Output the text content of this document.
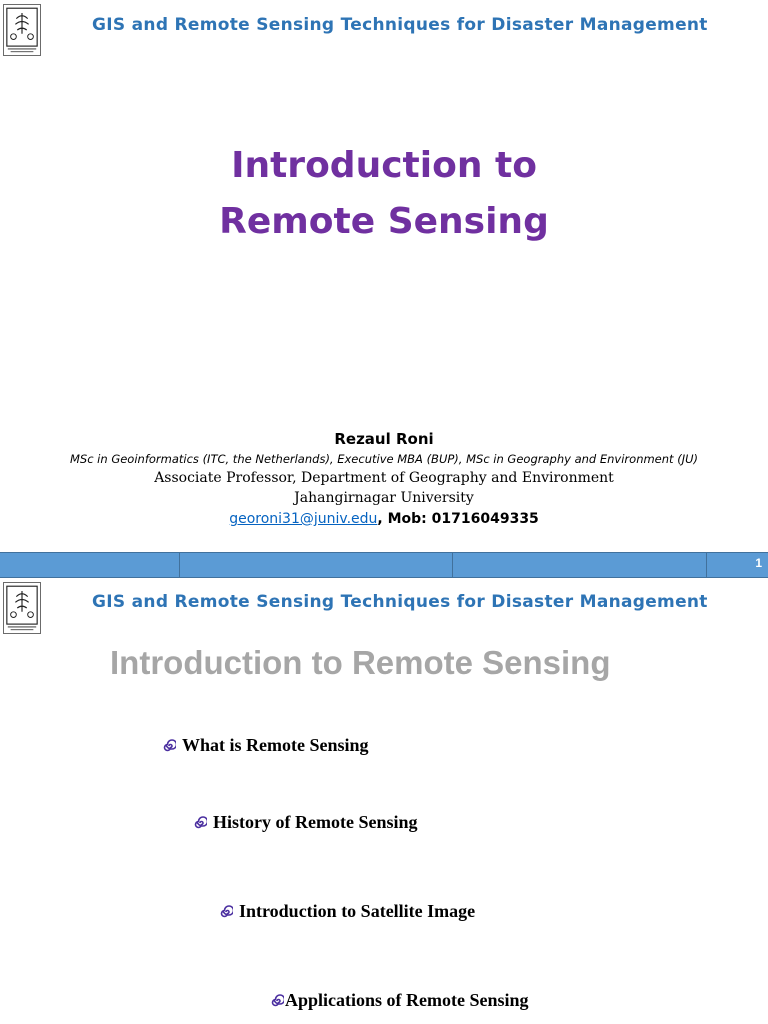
GIS and Remote Sensing Techniques for Disaster Management
Introduction to
Remote Sensing
Rezaul Roni
MSc in Geoinformatics (ITC, the Netherlands), Executive MBA (BUP), MSc in Geography and Environment (JU)
Associate Professor, Department of Geography and Environment
Jahangirnagar University
georoni31@juniv.edu, Mob: 01716049335
1
GIS and Remote Sensing Techniques for Disaster Management
Introduction to Remote Sensing
What is Remote Sensing
History of Remote Sensing
Introduction to Satellite Image
Applications of Remote Sensing
